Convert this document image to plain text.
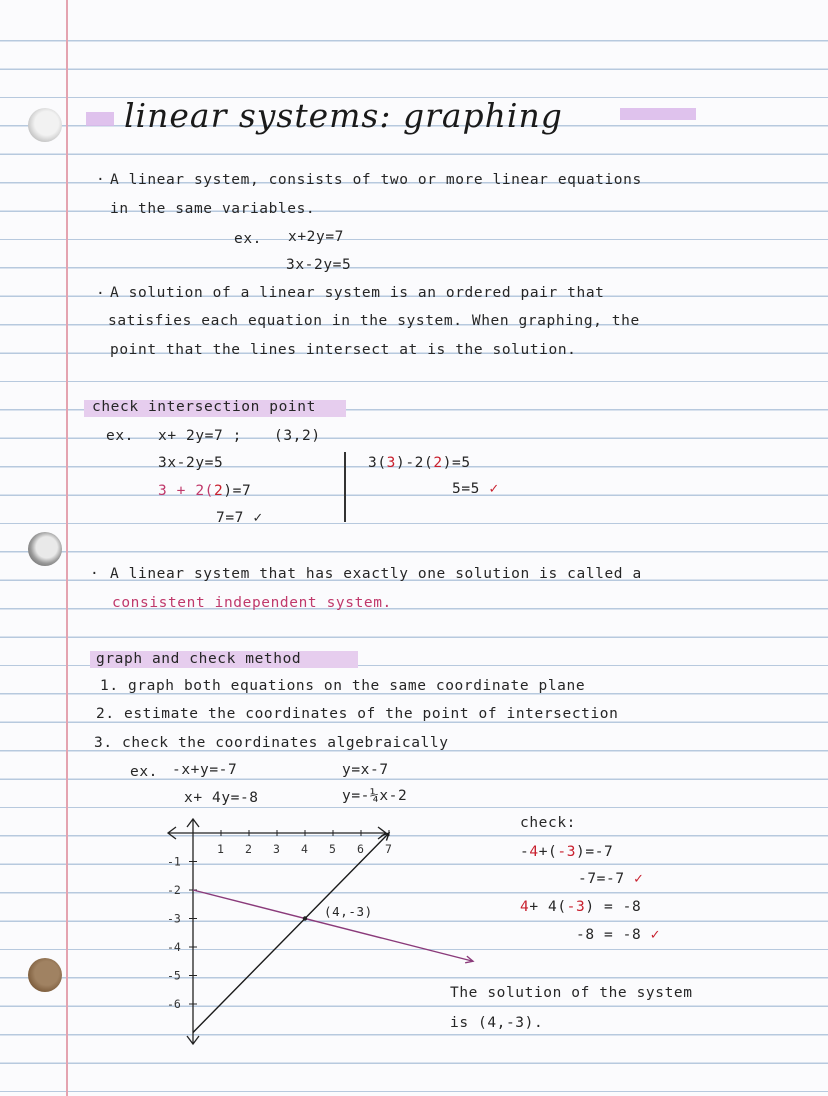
linear systems: graphing
· A linear system, consists of two or more linear equations
in the same variables.
ex. x+2y=7
3x-2y=5
· A solution of a linear system is an ordered pair that
satisfies each equation in the system. When graphing, the
point that the lines intersect at is the solution.
check intersection point
ex. x+ 2y=7 ; (3,2)
3x-2y=5
3 + 2(2)=7
7=7 ✓
3(3)-2(2)=5
5=5 ✓
· A linear system that has exactly one solution is called a
consistent independent system.
graph and check method
1. graph both equations on the same coordinate plane
2. estimate the coordinates of the point of intersection
3. check the coordinates algebraically
ex. -x+y=-7
x+ 4y=-8
y=x-7
y=-¼x-2
1 2 3 4 5 6 7
-1
-2
-3
-4
-5
-6
(4,-3)
check:
-4+(-3)=-7
-7=-7 ✓
4+ 4(-3) = -8
-8 = -8 ✓
The solution of the system
is (4,-3).
